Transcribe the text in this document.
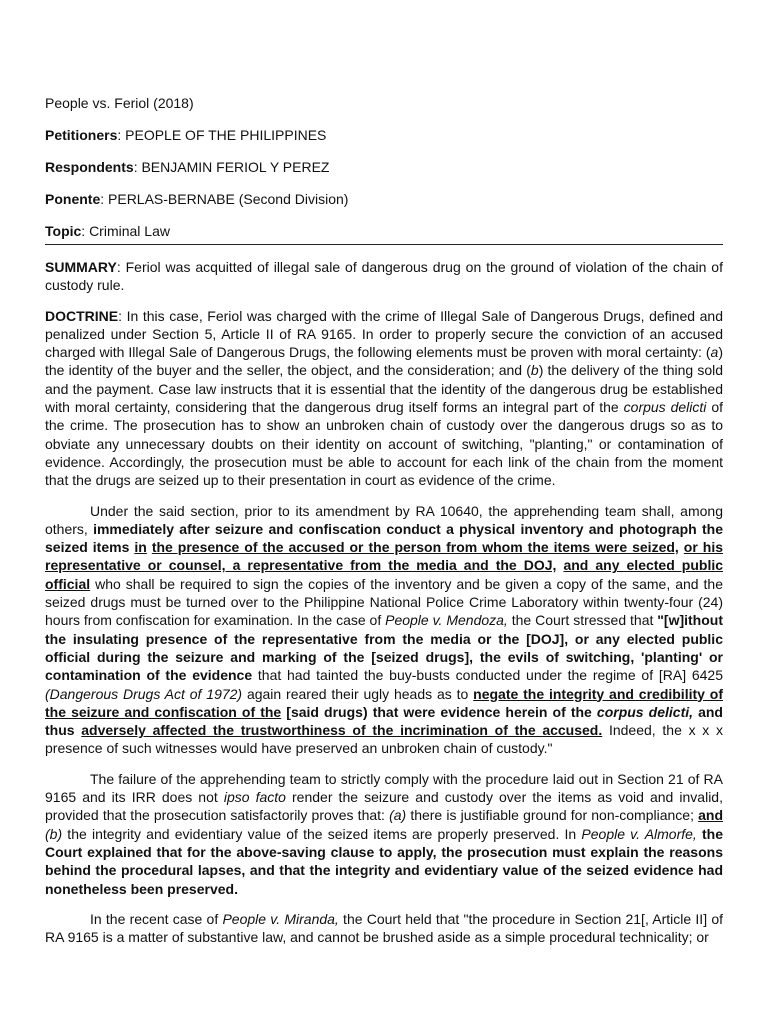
People vs. Feriol (2018)
Petitioners: PEOPLE OF THE PHILIPPINES
Respondents: BENJAMIN FERIOL Y PEREZ
Ponente: PERLAS-BERNABE (Second Division)
Topic: Criminal Law

SUMMARY: Feriol was acquitted of illegal sale of dangerous drug on the ground of violation of the chain of custody rule.

DOCTRINE: In this case, Feriol was charged with the crime of Illegal Sale of Dangerous Drugs, defined and penalized under Section 5, Article II of RA 9165. In order to properly secure the conviction of an accused charged with Illegal Sale of Dangerous Drugs, the following elements must be proven with moral certainty: (a) the identity of the buyer and the seller, the object, and the consideration; and (b) the delivery of the thing sold and the payment. Case law instructs that it is essential that the identity of the dangerous drug be established with moral certainty, considering that the dangerous drug itself forms an integral part of the corpus delicti of the crime. The prosecution has to show an unbroken chain of custody over the dangerous drugs so as to obviate any unnecessary doubts on their identity on account of switching, "planting," or contamination of evidence. Accordingly, the prosecution must be able to account for each link of the chain from the moment that the drugs are seized up to their presentation in court as evidence of the crime.

Under the said section, prior to its amendment by RA 10640, the apprehending team shall, among others, immediately after seizure and confiscation conduct a physical inventory and photograph the seized items in the presence of the accused or the person from whom the items were seized, or his representative or counsel, a representative from the media and the DOJ, and any elected public official who shall be required to sign the copies of the inventory and be given a copy of the same, and the seized drugs must be turned over to the Philippine National Police Crime Laboratory within twenty-four (24) hours from confiscation for examination. In the case of People v. Mendoza, the Court stressed that "[w]ithout the insulating presence of the representative from the media or the [DOJ], or any elected public official during the seizure and marking of the [seized drugs], the evils of switching, 'planting' or contamination of the evidence that had tainted the buy-busts conducted under the regime of [RA] 6425 (Dangerous Drugs Act of 1972) again reared their ugly heads as to negate the integrity and credibility of the seizure and confiscation of the [said drugs) that were evidence herein of the corpus delicti, and thus adversely affected the trustworthiness of the incrimination of the accused. Indeed, the x x x presence of such witnesses would have preserved an unbroken chain of custody."

The failure of the apprehending team to strictly comply with the procedure laid out in Section 21 of RA 9165 and its IRR does not ipso facto render the seizure and custody over the items as void and invalid, provided that the prosecution satisfactorily proves that: (a) there is justifiable ground for non-compliance; and (b) the integrity and evidentiary value of the seized items are properly preserved. In People v. Almorfe, the Court explained that for the above-saving clause to apply, the prosecution must explain the reasons behind the procedural lapses, and that the integrity and evidentiary value of the seized evidence had nonetheless been preserved.

In the recent case of People v. Miranda, the Court held that "the procedure in Section 21[, Article II] of RA 9165 is a matter of substantive law, and cannot be brushed aside as a simple procedural technicality; or
